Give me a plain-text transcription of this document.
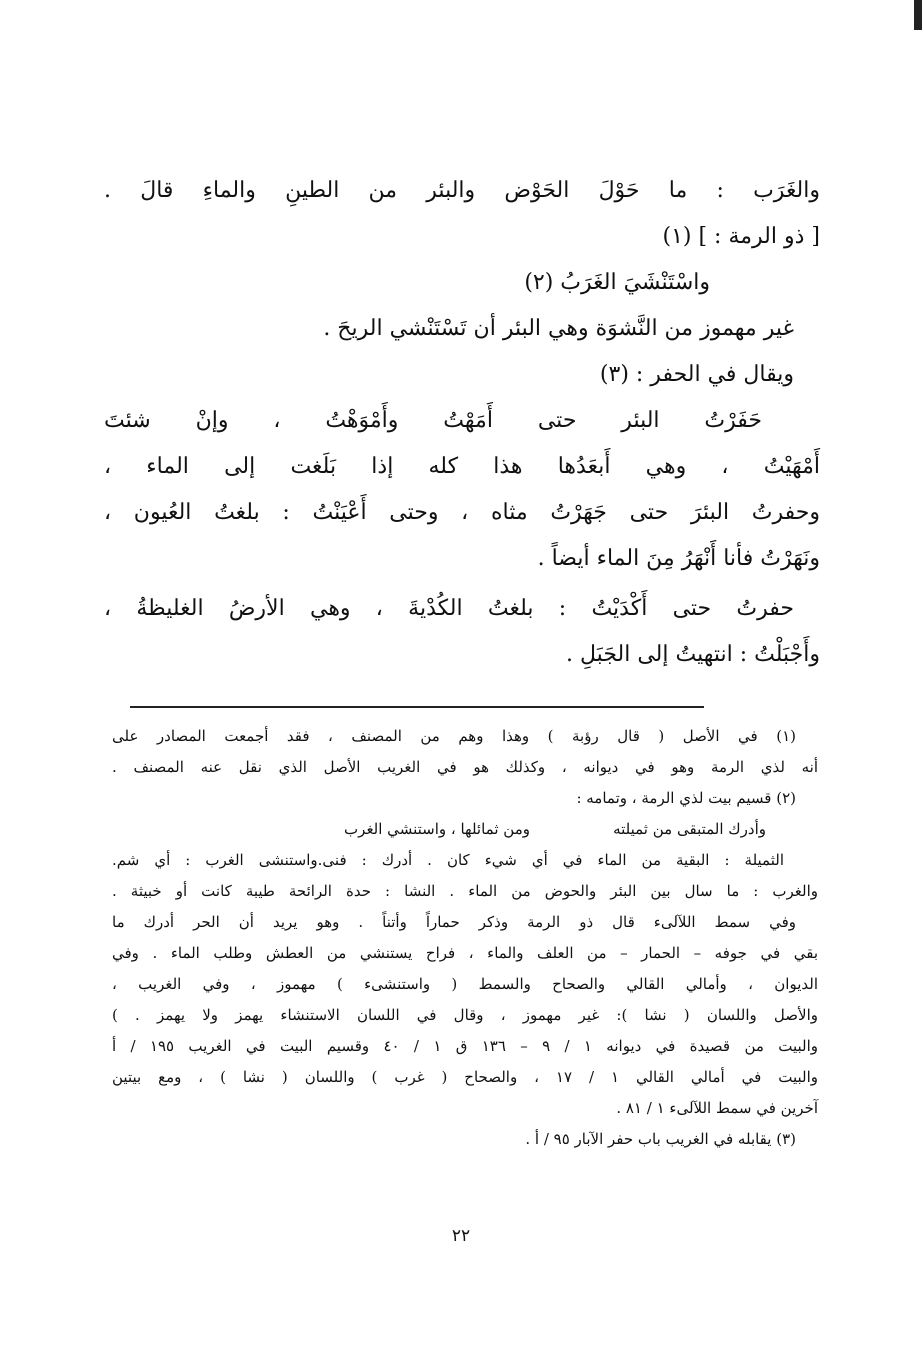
والغَرَب : ما حَوْلَ الحَوْض والبئر من الطينِ والماءِ قالَ .
[ ذو الرمة : ] (١)
واسْتَنْشَيَ الغَرَبُ (٢)
غير مهموز من النَّشوَة وهي البئر أن تَسْتَنْشي الريحَ .
ويقال في الحفر : (٣)
حَفَرْتُ البئر حتى أَمَهْتُ وأَمْوَهْتُ ، وإنْ شئتَ
أَمْهَيْتُ ، وهي أَبعَدُها هذا كله إذا بَلَغت إلى الماء ،
وحفرتُ البئرَ حتى جَهَرْتُ مثاه ، وحتى أَعْيَنْتُ : بلغتُ العُيون ،
ونَهَرْتُ فأنا أَنْهَرُ مِنَ الماء أيضاً .
حفرتُ حتى أَكْدَيْتُ : بلغتُ الكُدْيةَ ، وهي الأرضُ الغليظةُ ،
وأَجْبَلْتُ : انتهيتُ إلى الجَبَلِ .
(١) في الأصل ( قال رؤبة ) وهذا وهم من المصنف ، فقد أجمعت المصادر على
أنه لذي الرمة وهو في ديوانه ، وكذلك هو في الغريب الأصل الذي نقل عنه المصنف .
(٢) قسيم بيت لذي الرمة ، وتمامه :
وأدرك المتبقى من ثميلته
ومن ثمائلها ، واستنشي الغرب
الثميلة : البقية من الماء في أي شيء كان . أدرك : فنى.واستنشى الغرب : أي شم.
والغرب : ما سال بين البئر والحوض من الماء . النشا : حدة الرائحة طيبة كانت أو خبيثة .
وفي سمط اللآلىء قال ذو الرمة وذكر حماراً وأتناً . وهو يريد أن الحر أدرك ما
بقي في جوفه – الحمار – من العلف والماء ، فراح يستنشي من العطش وطلب الماء . وفي
الديوان ، وأمالي القالي والصحاح والسمط ( واستنشىء ) مهموز ، وفي الغريب ،
والأصل واللسان ( نشا ): غير مهموز ، وقال في اللسان الاستنشاء يهمز ولا يهمز . )
والبيت من قصيدة في ديوانه ١ / ٩ – ١٣٦ ق ١ / ٤٠ وقسيم البيت في الغريب ١٩٥ / أ
والبيت في أمالي القالي ١ / ١٧ ، والصحاح ( غرب ) واللسان ( نشا ) ، ومع بيتين
آخرين في سمط اللآلىء ١ / ٨١ .
(٣) يقابله في الغريب باب حفر الآبار ٩٥ / أ .
٢٢
